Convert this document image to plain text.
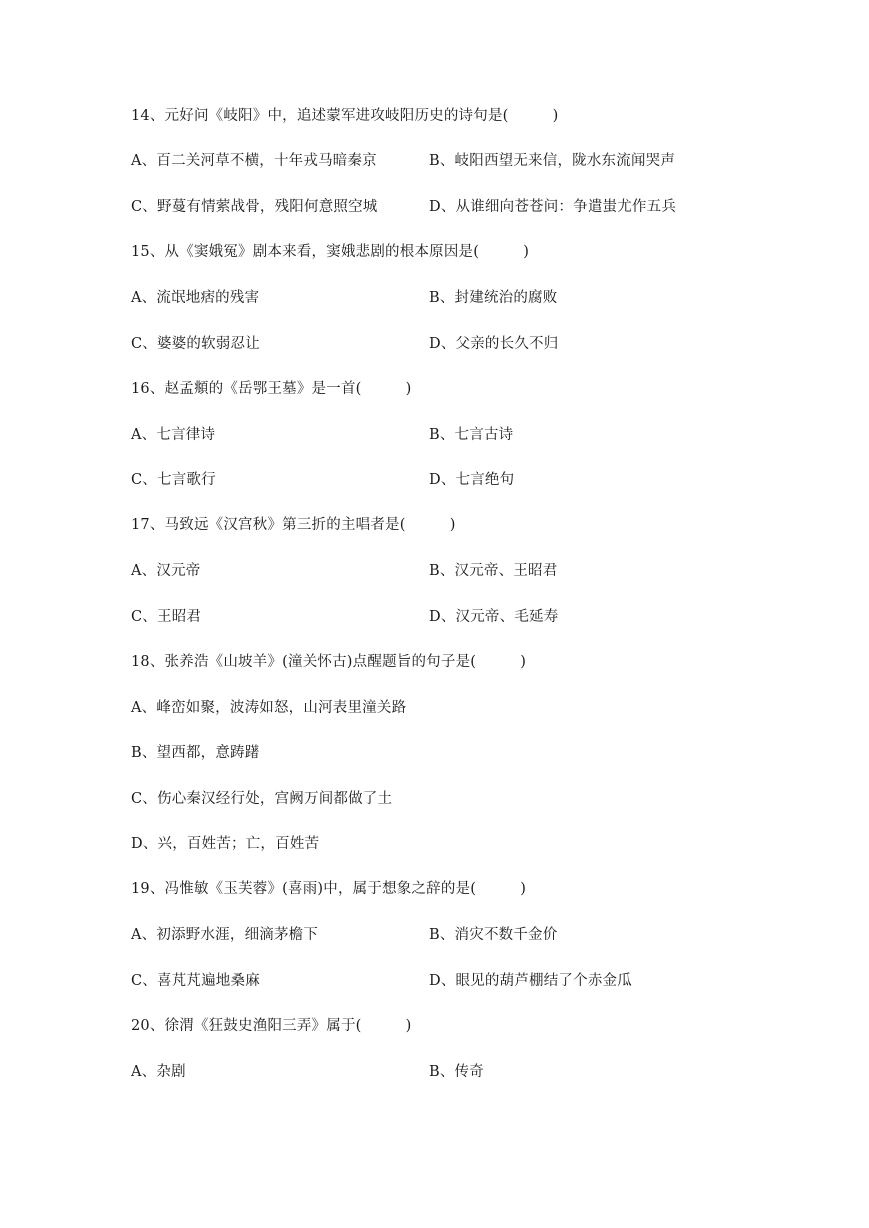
14、元好问《岐阳》中，追述蒙军进攻岐阳历史的诗句是(　　　)
A、百二关河草不横，十年戎马暗秦京	B、岐阳西望无来信，陇水东流闻哭声
C、野蔓有情萦战骨，残阳何意照空城	D、从谁细向苍苍问：争遣蚩尤作五兵
15、从《窦娥冤》剧本来看，窦娥悲剧的根本原因是(　　　)
A、流氓地痞的残害	B、封建统治的腐败
C、婆婆的软弱忍让	D、父亲的长久不归
16、赵孟頫的《岳鄂王墓》是一首(　　　)
A、七言律诗	B、七言古诗
C、七言歌行	D、七言绝句
17、马致远《汉宫秋》第三折的主唱者是(　　　)
A、汉元帝	B、汉元帝、王昭君
C、王昭君	D、汉元帝、毛延寿
18、张养浩《山坡羊》(潼关怀古)点醒题旨的句子是(　　　)
A、峰峦如聚，波涛如怒，山河表里潼关路
B、望西都，意踌躇
C、伤心秦汉经行处，宫阙万间都做了土
D、兴，百姓苦；亡，百姓苦
19、冯惟敏《玉芙蓉》(喜雨)中，属于想象之辞的是(　　　)
A、初添野水涯，细滴茅檐下	B、消灾不数千金价
C、喜芃芃遍地桑麻	D、眼见的葫芦棚结了个赤金瓜
20、徐渭《狂鼓史渔阳三弄》属于(　　　)
A、杂剧	B、传奇
